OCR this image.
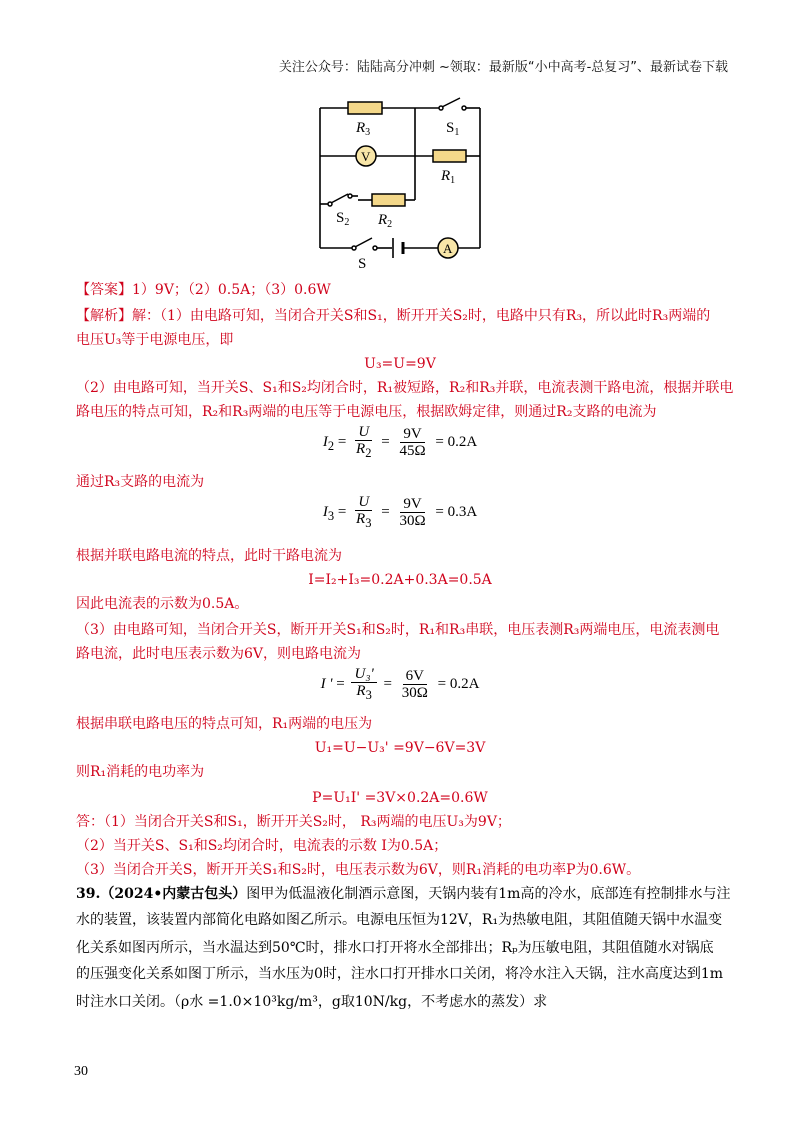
关注公众号：陆陆高分冲刺 ~领取：最新版“小中高考-总复习”、最新试卷下载
$R_3$
$R_1$
$R_2$
$S_1$
$S_2$
S
V
A
【答案】1）9V；（2）0.5A；（3）0.6W
【解析】解：（1）由电路可知，当闭合开关S和S₁，断开开关S₂时，电路中只有R₃，所以此时R₃两端的
电压U₃等于电源电压，即
U₃=U=9V
（2）由电路可知，当开关S、S₁和S₂均闭合时，R₁被短路，R₂和R₃并联，电流表测干路电流，根据并联电
路电压的特点可知，R₂和R₃两端的电压等于电源电压，根据欧姆定律，则通过R₂支路的电流为
$I_2 = \frac{U}{R_2} = \frac{9V}{45\Omega} = 0.2A$
通过R₃支路的电流为
$I_3 = \frac{U}{R_3} = \frac{9V}{30\Omega} = 0.3A$
根据并联电路电流的特点，此时干路电流为
I=I₂+I₃=0.2A+0.3A=0.5A
因此电流表的示数为0.5A。
（3）由电路可知，当闭合开关S，断开开关S₁和S₂时，R₁和R₃串联，电压表测R₃两端电压，电流表测电
路电流，此时电压表示数为6V，则电路电流为
I ' = $\frac{\text{U₃'}}{R_3} = \frac{6V}{30\Omega} = 0.2A$
根据串联电路电压的特点可知，R₁两端的电压为
U₁=U−U₃' =9V−6V=3V
则R₁消耗的电功率为
P=U₁I' =3V×0.2A=0.6W
答：（1）当闭合开关S和S₁，断开开关S₂时， R₃两端的电压U₃为9V；
（2）当开关S、S₁和S₂均闭合时，电流表的示数 I为0.5A；
（3）当闭合开关S，断开开关S₁和S₂时，电压表示数为6V，则R₁消耗的电功率P为0.6W。
39.（2024•内蒙古包头）图甲为低温液化制酒示意图，天锅内装有1m高的冷水，底部连有控制排水与注
水的装置，该装置内部简化电路如图乙所示。电源电压恒为12V，R₁为热敏电阻，其阻值随天锅中水温变
化关系如图丙所示，当水温达到50℃时，排水口打开将水全部排出；Rₚ为压敏电阻，其阻值随水对锅底
的压强变化关系如图丁所示，当水压为0时，注水口打开排水口关闭，将冷水注入天锅，注水高度达到1m
时注水口关闭。（ρ水 =1.0×10³kg/m³，g取10N/kg，不考虑水的蒸发）求
30
